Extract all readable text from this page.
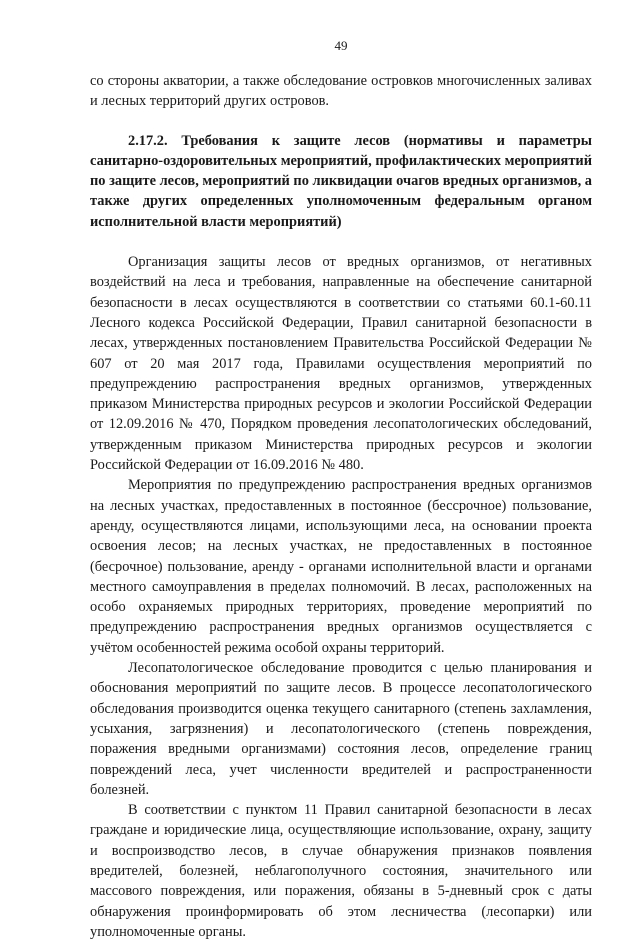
49

со стороны акватории, а также обследование островков многочисленных заливах и лесных территорий других островов.

2.17.2. Требования к защите лесов (нормативы и параметры санитарно-оздоровительных мероприятий, профилактических мероприятий по защите лесов, мероприятий по ликвидации очагов вредных организмов, а также других определенных уполномоченным федеральным органом исполнительной власти мероприятий)

Организация защиты лесов от вредных организмов, от негативных воздействий на леса и требования, направленные на обеспечение санитарной безопасности в лесах осуществляются в соответствии со статьями 60.1-60.11 Лесного кодекса Российской Федерации, Правил санитарной безопасности в лесах, утвержденных постановлением Правительства Российской Федерации № 607 от 20 мая 2017 года, Правилами осуществления мероприятий по предупреждению распространения вредных организмов, утвержденных приказом Министерства природных ресурсов и экологии Российской Федерации от 12.09.2016 № 470, Порядком проведения лесопатологических обследований, утвержденным приказом Министерства природных ресурсов и экологии Российской Федерации от 16.09.2016 № 480.

Мероприятия по предупреждению распространения вредных организмов на лесных участках, предоставленных в постоянное (бессрочное) пользование, аренду, осуществляются лицами, использующими леса, на основании проекта освоения лесов; на лесных участках, не предоставленных в постоянное (бесрочное) пользование, аренду - органами исполнительной власти и органами местного самоуправления в пределах полномочий. В лесах, расположенных на особо охраняемых природных территориях, проведение мероприятий по предупреждению распространения вредных организмов осуществляется с учётом особенностей режима особой охраны территорий.

Лесопатологическое обследование проводится с целью планирования и обоснования мероприятий по защите лесов. В процессе лесопатологического обследования производится оценка текущего санитарного (степень захламления, усыхания, загрязнения) и лесопатологического (степень повреждения, поражения вредными организмами) состояния лесов, определение границ повреждений леса, учет численности вредителей и распространенности болезней.

В соответствии с пунктом 11 Правил санитарной безопасности в лесах граждане и юридические лица, осуществляющие использование, охрану, защиту и воспроизводство лесов, в случае обнаружения признаков появления вредителей, болезней, неблагополучного состояния, значительного или массового повреждения, или поражения, обязаны в 5-дневный срок с даты обнаружения проинформировать об этом лесничества (лесопарки) или уполномоченные органы.
